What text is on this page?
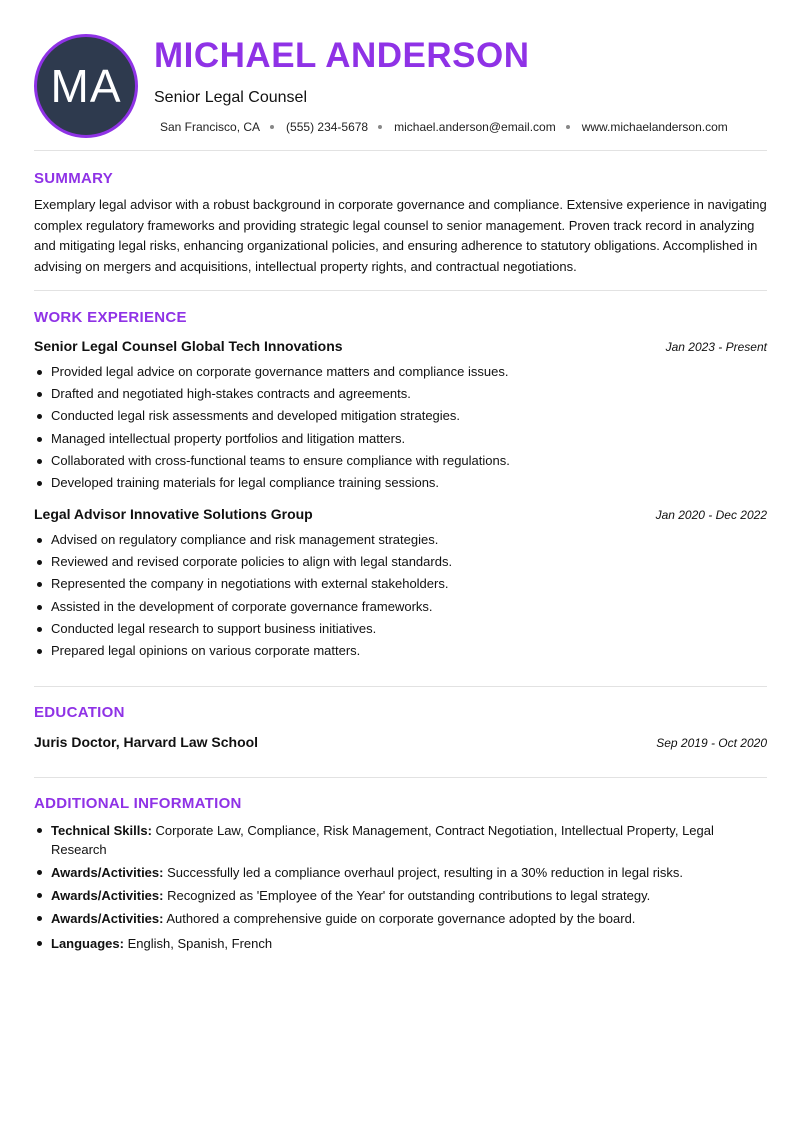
MA
MICHAEL ANDERSON
Senior Legal Counsel
San Francisco, CA (555) 234-5678 michael.anderson@email.com www.michaelanderson.com
SUMMARY

Exemplary legal advisor with a robust background in corporate governance and compliance. Extensive experience in navigating complex regulatory frameworks and providing strategic legal counsel to senior management. Proven track record in analyzing and mitigating legal risks, enhancing organizational policies, and ensuring adherence to statutory obligations. Accomplished in advising on mergers and acquisitions, intellectual property rights, and contractual negotiations.

WORK EXPERIENCE
Senior Legal Counsel Global Tech Innovations	Jan 2023 - Present
Provided legal advice on corporate governance matters and compliance issues.
Drafted and negotiated high-stakes contracts and agreements.
Conducted legal risk assessments and developed mitigation strategies.
Managed intellectual property portfolios and litigation matters.
Collaborated with cross-functional teams to ensure compliance with regulations.
Developed training materials for legal compliance training sessions.
Legal Advisor Innovative Solutions Group	Jan 2020 - Dec 2022
Advised on regulatory compliance and risk management strategies.
Reviewed and revised corporate policies to align with legal standards.
Represented the company in negotiations with external stakeholders.
Assisted in the development of corporate governance frameworks.
Conducted legal research to support business initiatives.
Prepared legal opinions on various corporate matters.
EDUCATION
Juris Doctor, Harvard Law School	Sep 2019 - Oct 2020
ADDITIONAL INFORMATION
Technical Skills: Corporate Law, Compliance, Risk Management, Contract Negotiation, Intellectual Property, Legal Research
Awards/Activities: Successfully led a compliance overhaul project, resulting in a 30% reduction in legal risks.
Awards/Activities: Recognized as 'Employee of the Year' for outstanding contributions to legal strategy.
Awards/Activities: Authored a comprehensive guide on corporate governance adopted by the board.
Languages: English, Spanish, French
